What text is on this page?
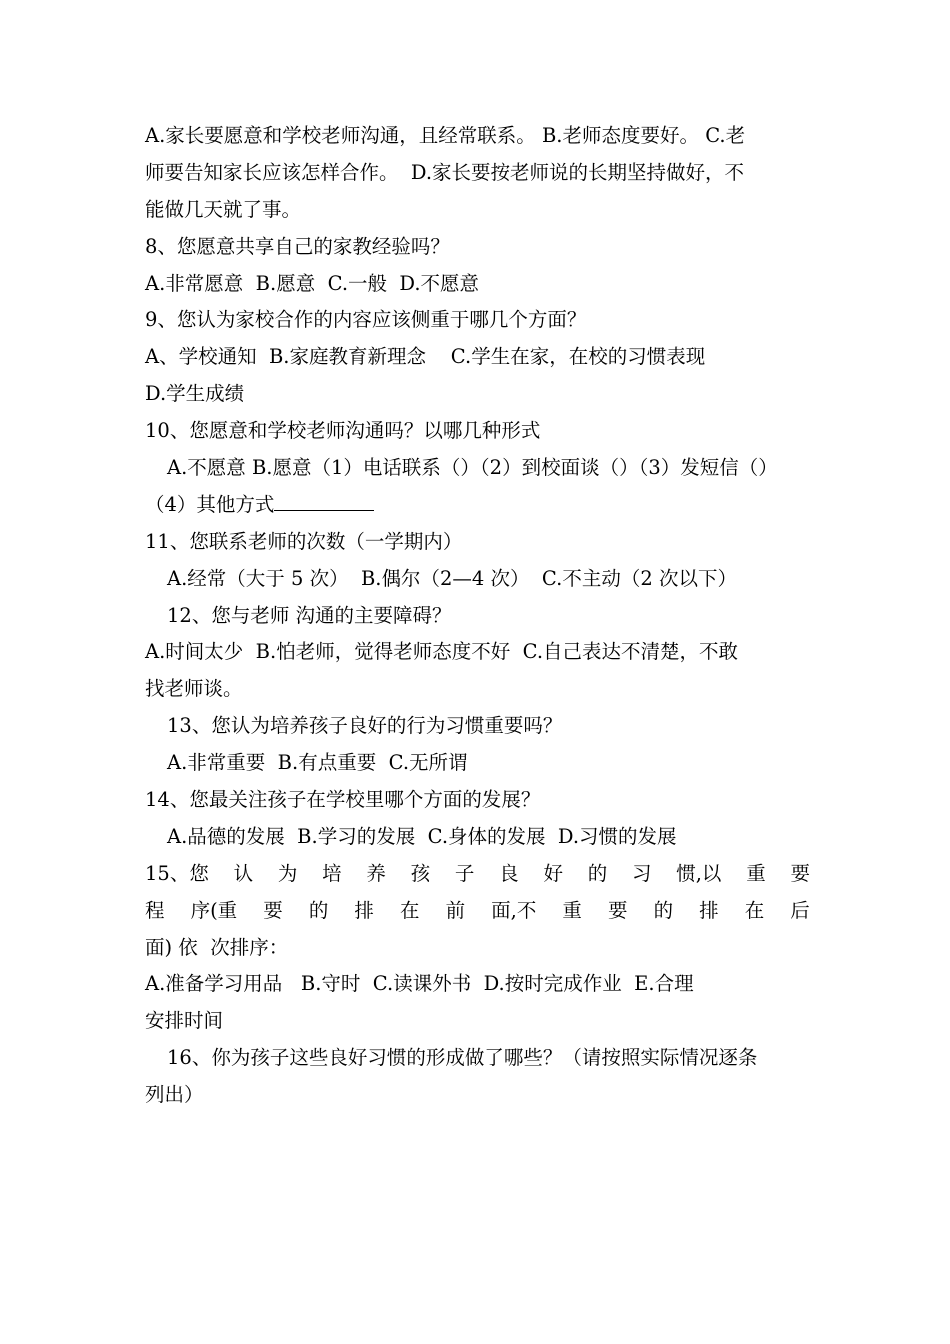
A.家长要愿意和学校老师沟通，且经常联系。 B.老师态度要好。 C.老
师要告知家长应该怎样合作。  D.家长要按老师说的长期坚持做好，不
能做几天就了事。
8、您愿意共享自己的家教经验吗？
A.非常愿意  B.愿意  C.一般  D.不愿意
9、您认为家校合作的内容应该侧重于哪几个方面？
A、学校通知  B.家庭教育新理念    C.学生在家，在校的习惯表现
D.学生成绩
10、您愿意和学校老师沟通吗？以哪几种形式
A.不愿意 B.愿意（1）电话联系（）（2）到校面谈（）（3）发短信（）
（4）其他方式
11、您联系老师的次数（一学期内）
A.经常（大于 5 次）  B.偶尔（2—4 次）  C.不主动（2 次以下）
12、您与老师 沟通的主要障碍？
A.时间太少  B.怕老师，觉得老师态度不好  C.自己表达不清楚，不敢
找老师谈。
13、您认为培养孩子良好的行为习惯重要吗？
A.非常重要  B.有点重要  C.无所谓
14、您最关注孩子在学校里哪个方面的发展？
A.品德的发展  B.学习的发展  C.身体的发展  D.习惯的发展
15、您 认 为 培 养 孩 子 良 好 的 习 惯,以 重 要
程 序(重 要 的 排 在 前 面,不 重 要 的 排 在 后
面) 依  次排序：
A.准备学习用品   B.守时  C.读课外书  D.按时完成作业  E.合理
安排时间
16、你为孩子这些良好习惯的形成做了哪些？（请按照实际情况逐条
列出）
